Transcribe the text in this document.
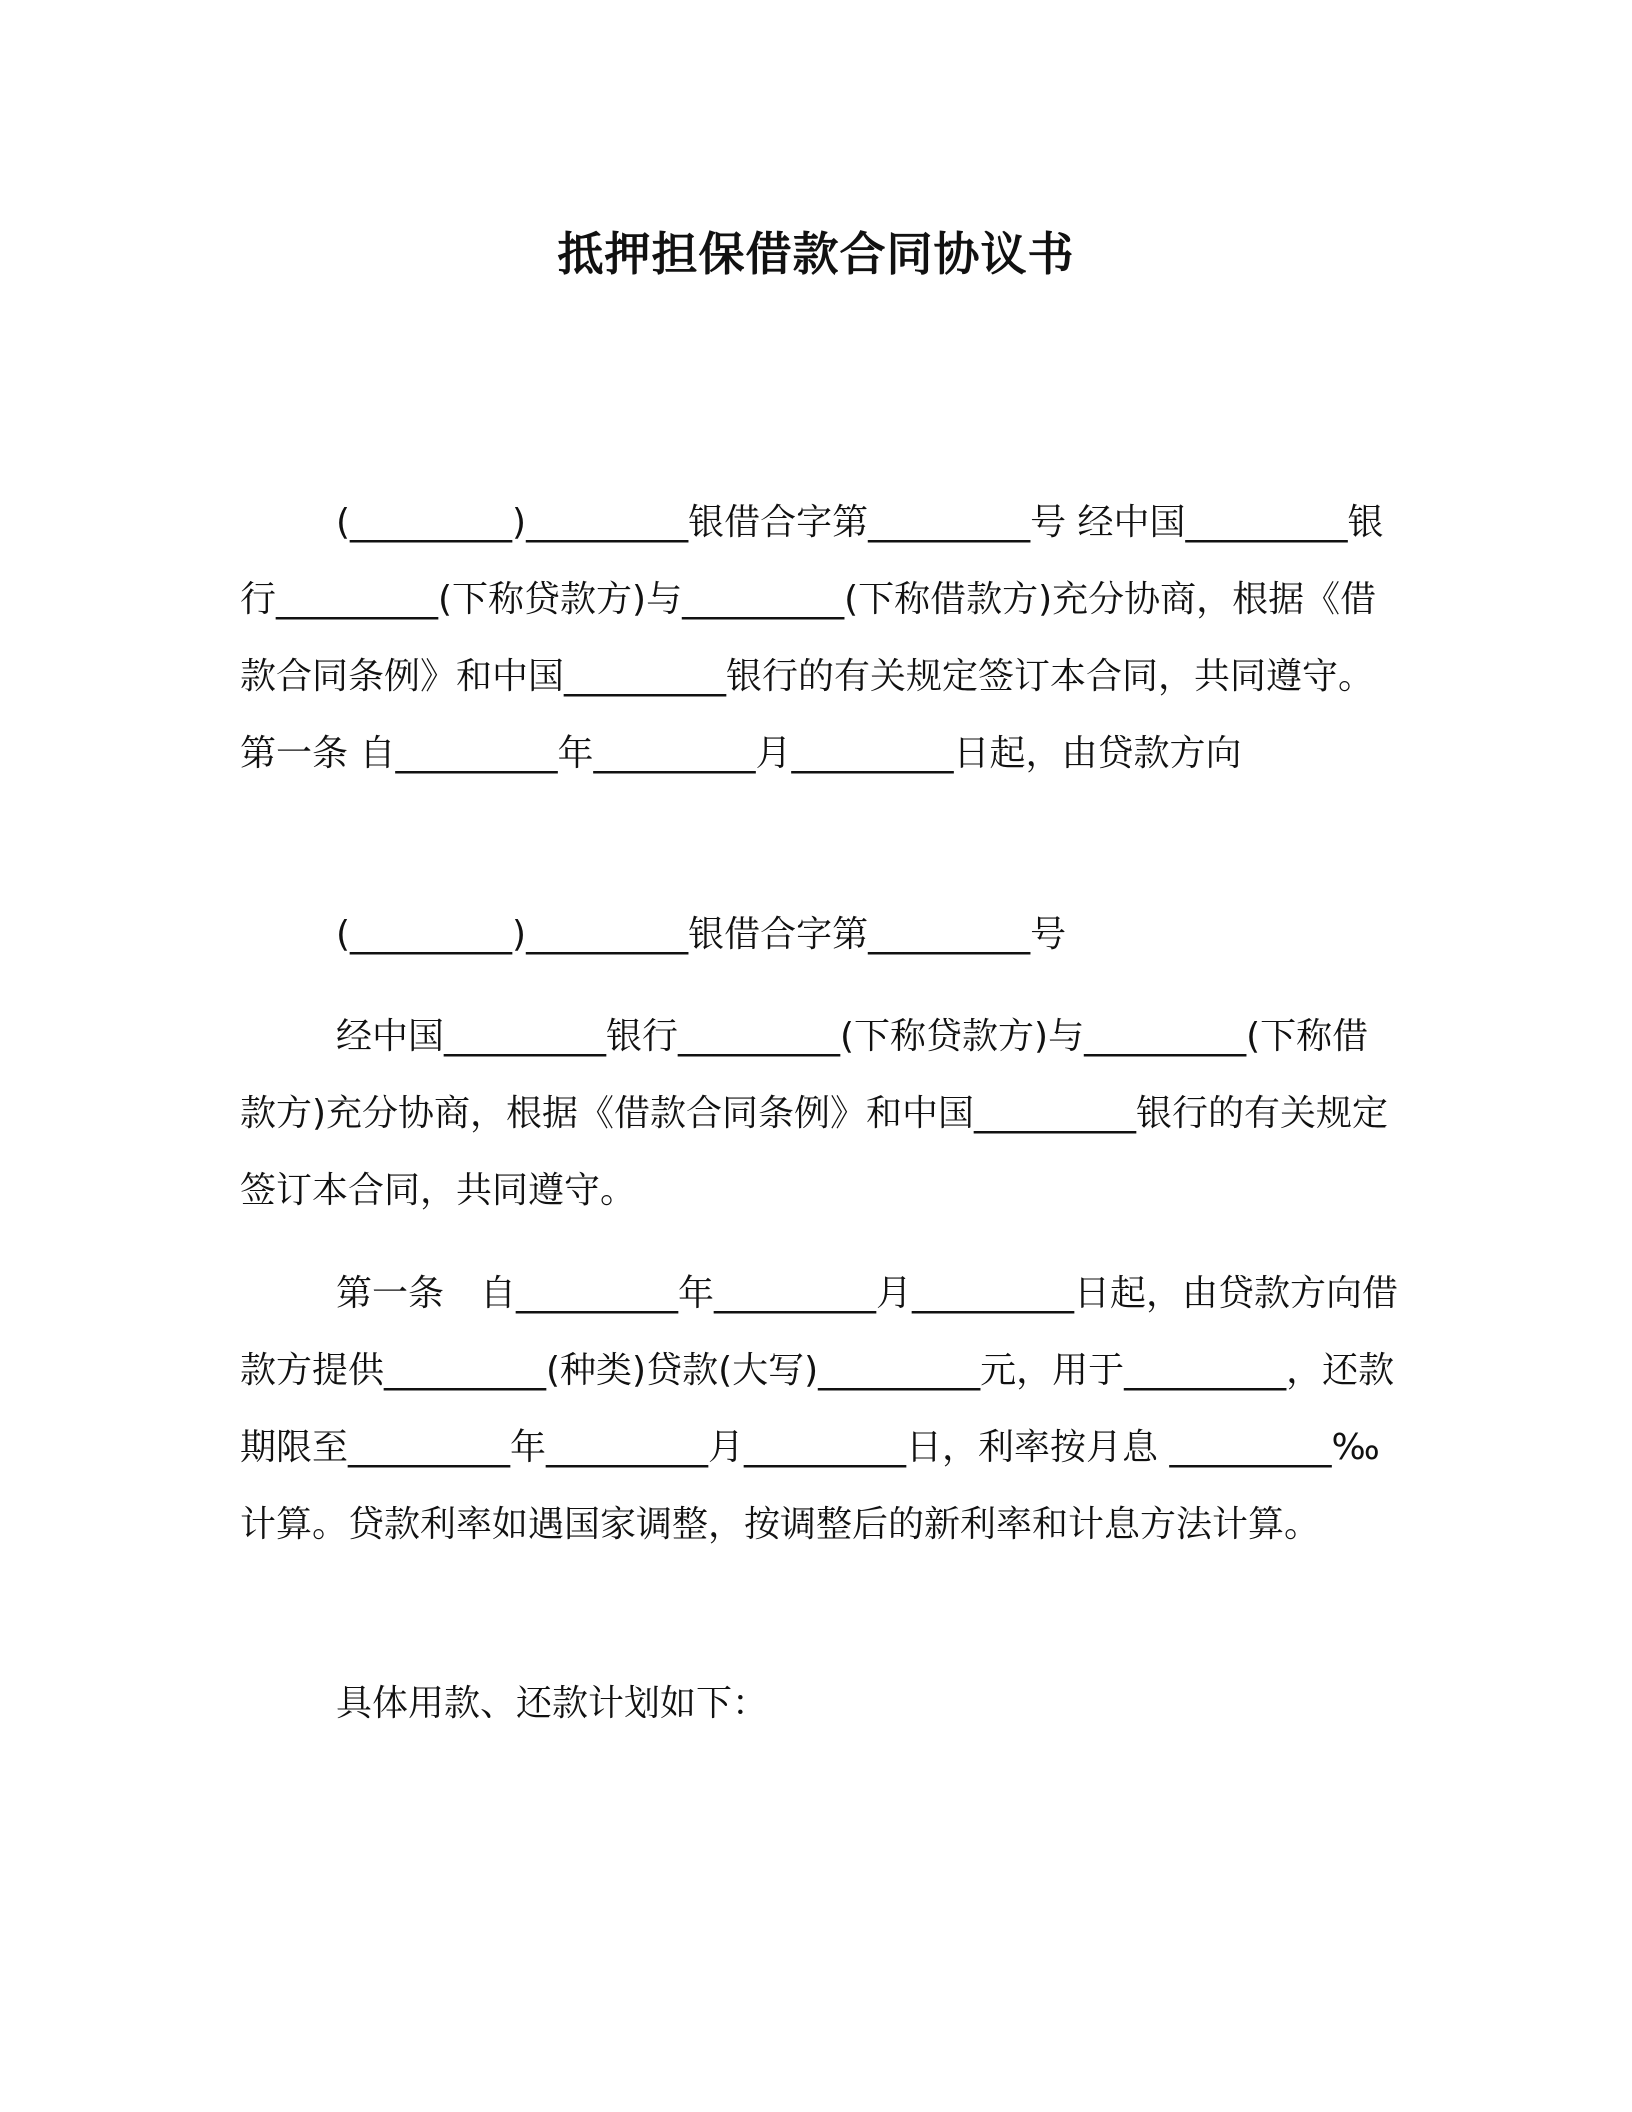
抵押担保借款合同协议书

(_________)_________银借合字第_________号 经中国_________银行_________(下称贷款方)与_________(下称借款方)充分协商，根据《借款合同条例》和中国_________银行的有关规定签订本合同，共同遵守。 第一条 自_________年_________月_________日起，由贷款方向

(_________)_________银借合字第_________号

经中国_________银行_________(下称贷款方)与_________(下称借款方)充分协商，根据《借款合同条例》和中国_________银行的有关规定签订本合同，共同遵守。

第一条　自_________年_________月_________日起，由贷款方向借款方提供_________(种类)贷款(大写)_________元，用于_________，还款期限至_________年_________月_________日，利率按月息 _________‰计算。贷款利率如遇国家调整，按调整后的新利率和计息方法计算。

具体用款、还款计划如下：
